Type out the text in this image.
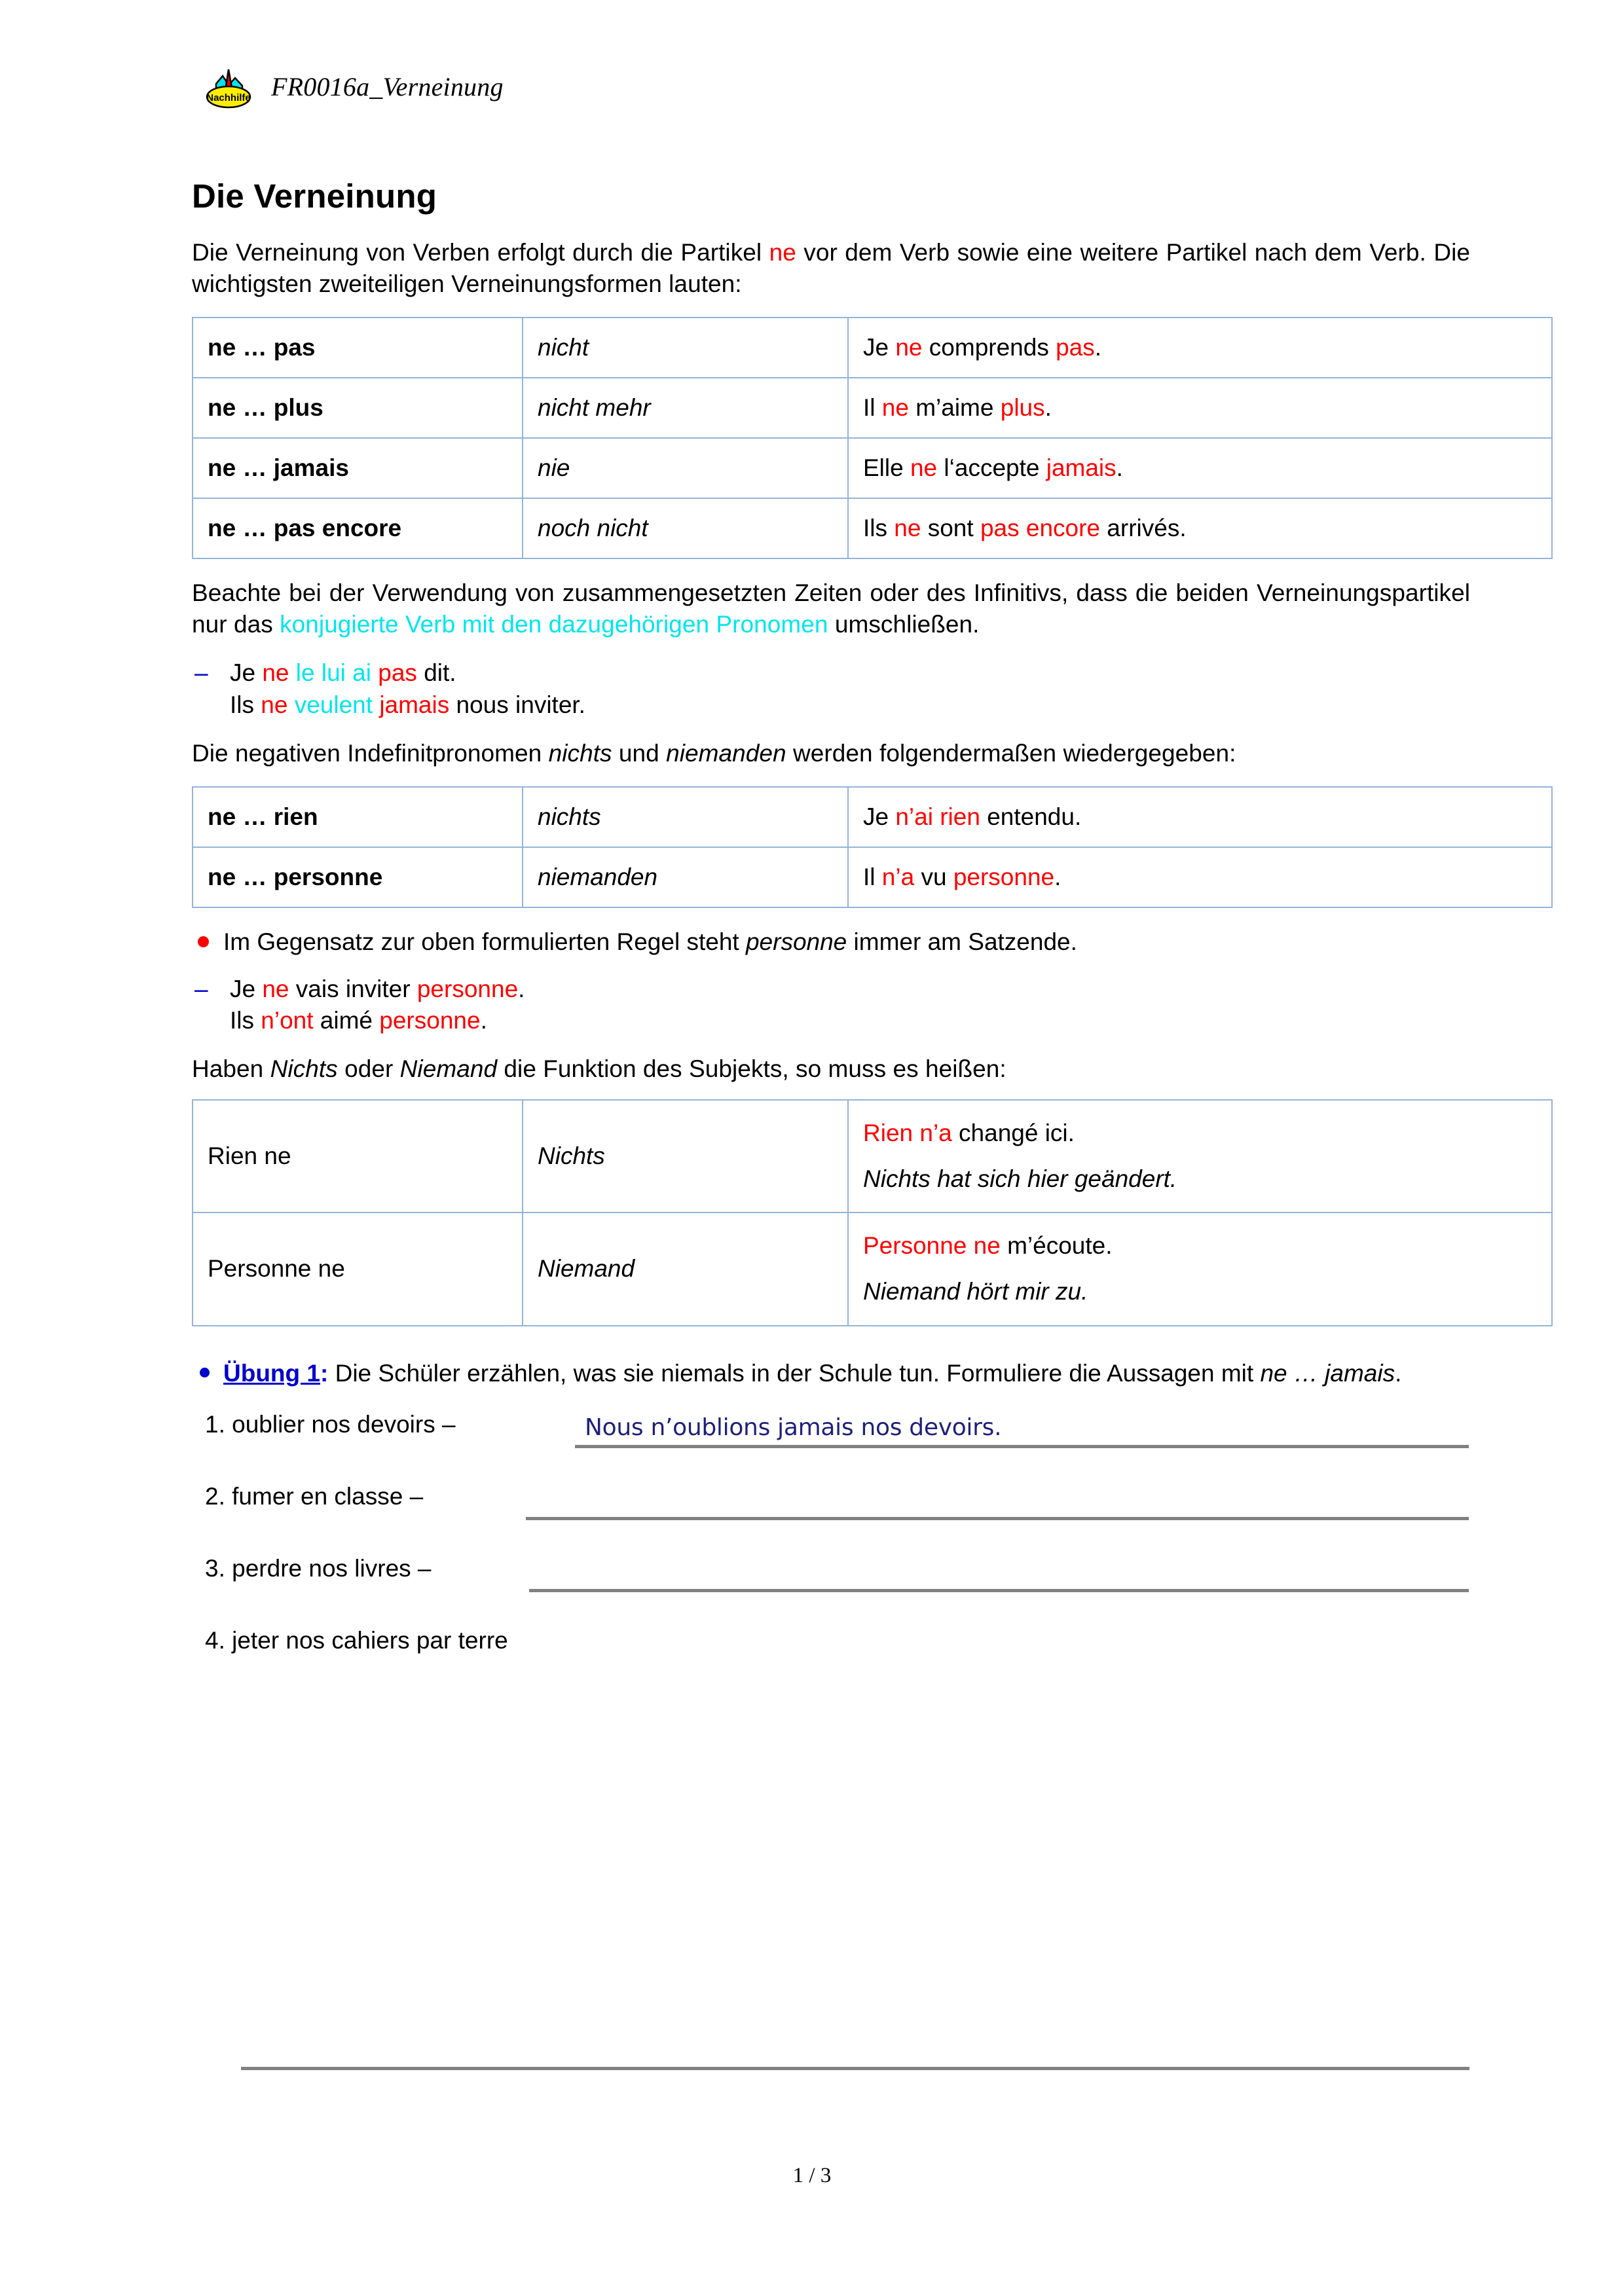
Nachhilfe FR0016a_Verneinung
Die Verneinung

Die Verneinung von Verben erfolgt durch die Partikel ne vor dem Verb sowie eine weitere Partikel nach dem Verb. Die wichtigsten zweiteiligen Verneinungsformen lauten:

ne … pas	nicht	Je ne comprends pas.
ne … plus	nicht mehr	Il ne m’aime plus.
ne … jamais	nie	Elle ne l‘accepte jamais.
ne … pas encore	noch nicht	Ils ne sont pas encore arrivés.

Beachte bei der Verwendung von zusammengesetzten Zeiten oder des Infinitivs, dass die beiden Verneinungspartikel nur das konjugierte Verb mit den dazugehörigen Pronomen umschließen.

– Je ne le lui ai pas dit.
Ils ne veulent jamais nous inviter.

Die negativen Indefinitpronomen nichts und niemanden werden folgendermaßen wiedergegeben:

ne … rien	nichts	Je n’ai rien entendu.
ne … personne	niemanden	Il n’a vu personne.
Im Gegensatz zur oben formulierten Regel steht personne immer am Satzende.
– Je ne vais inviter personne.
Ils n’ont aimé personne.

Haben Nichts oder Niemand die Funktion des Subjekts, so muss es heißen:

Rien ne	Nichts	Rien n’a changé ici.
Nichts hat sich hier geändert.

Personne ne	Niemand	Personne ne m’écoute.
Niemand hört mir zu.
Übung 1: Die Schüler erzählen, was sie niemals in der Schule tun. Formuliere die Aussagen mit ne … jamais.
1. oublier nos devoirs –	Nous n’oublions jamais nos devoirs.
2. fumer en classe –
3. perdre nos livres –
4. jeter nos cahiers par terre
1 / 3
